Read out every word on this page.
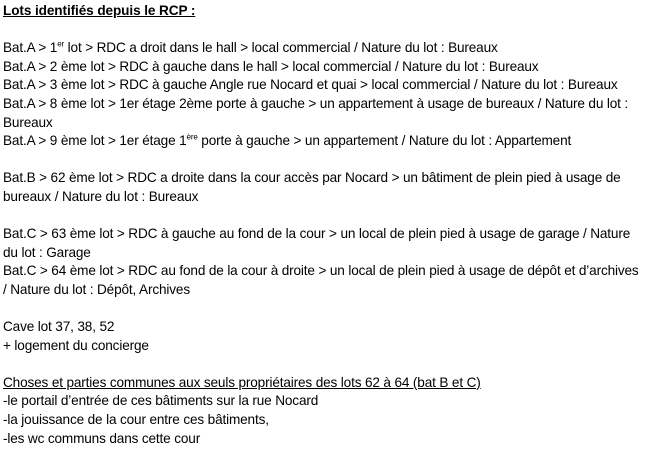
Lots identifiés depuis le RCP :

Bat.A > 1er lot > RDC a droit dans le hall > local commercial / Nature du lot : Bureaux

Bat.A > 2 ème lot > RDC à gauche dans le hall > local commercial / Nature du lot : Bureaux

Bat.A > 3 ème lot > RDC à gauche Angle rue Nocard et quai > local commercial / Nature du lot : Bureaux

Bat.A > 8 ème lot > 1er étage 2ème porte à gauche > un appartement à usage de bureaux / Nature du lot : Bureaux

Bat.A > 9 ème lot > 1er étage 1ère porte à gauche > un appartement / Nature du lot : Appartement

Bat.B > 62 ème lot > RDC a droite dans la cour accès par Nocard > un bâtiment de plein pied à usage de bureaux / Nature du lot : Bureaux

Bat.C > 63 ème lot > RDC à gauche au fond de la cour > un local de plein pied à usage de garage / Nature du lot : Garage

Bat.C > 64 ème lot > RDC au fond de la cour à droite > un local de plein pied à usage de dépôt et d’archives / Nature du lot : Dépôt, Archives

Cave lot 37, 38, 52

+ logement du concierge

Choses et parties communes aux seuls propriétaires des lots 62 à 64 (bat B et C)

-le portail d’entrée de ces bâtiments sur la rue Nocard

-la jouissance de la cour entre ces bâtiments,

-les wc communs dans cette cour
